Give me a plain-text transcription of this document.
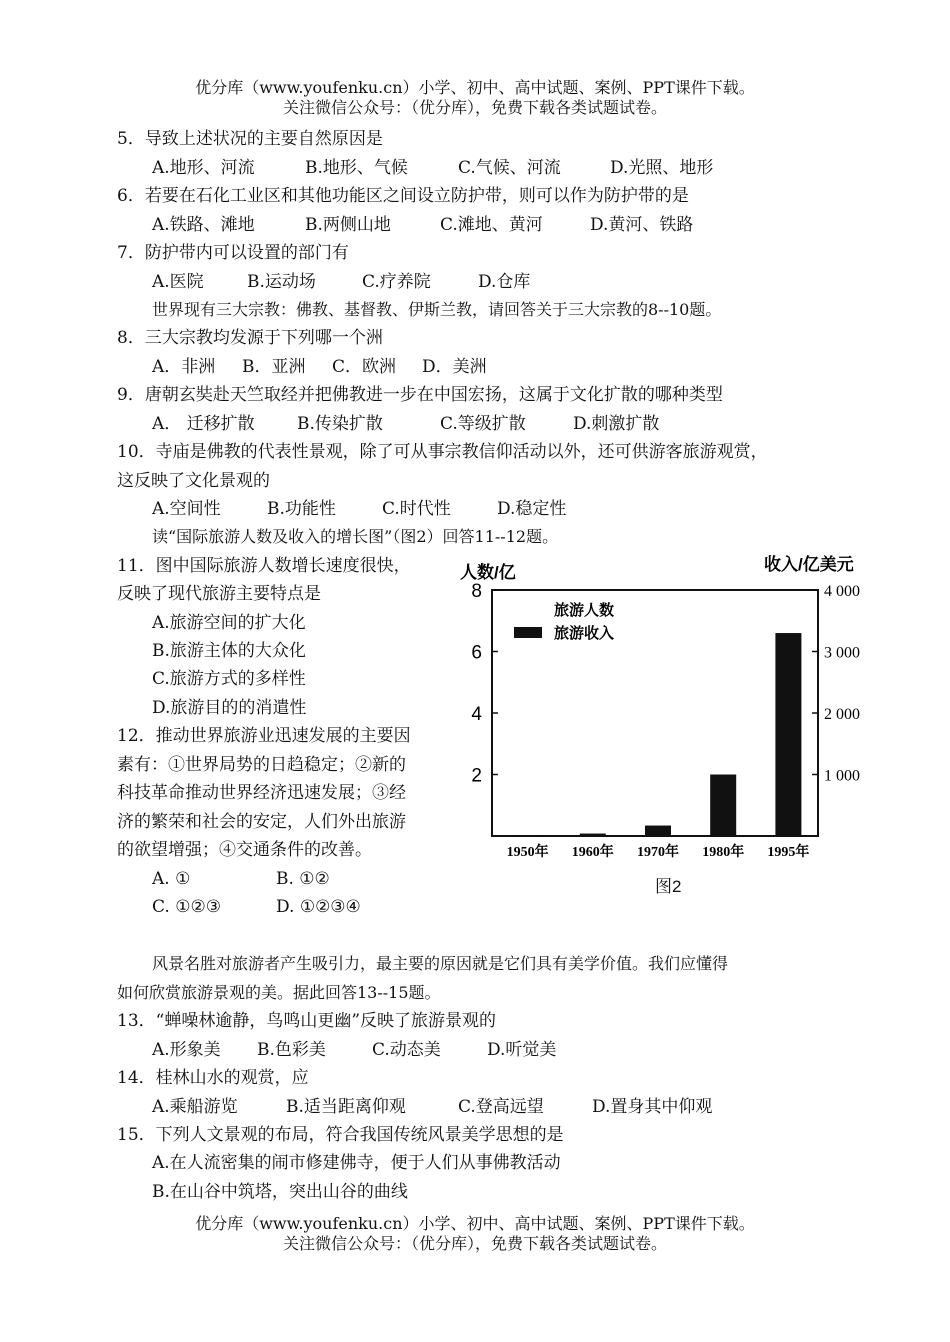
优分库（www.youfenku.cn）小学、初中、高中试题、案例、PPT课件下载。
关注微信公众号：（优分库），免费下载各类试题试卷。
5．导致上述状况的主要自然原因是
A.地形、河流	B.地形、气候	C.气候、河流	D.光照、地形
6．若要在石化工业区和其他功能区之间设立防护带，则可以作为防护带的是
A.铁路、滩地	B.两侧山地	C.滩地、黄河	D.黄河、铁路
7．防护带内可以设置的部门有
A.医院	B.运动场	C.疗养院	D.仓库
世界现有三大宗教：佛教、基督教、伊斯兰教，请回答关于三大宗教的8--10题。
8．三大宗教均发源于下列哪一个洲
A．非洲 B．亚洲 C．欧洲 D．美洲
9．唐朝玄奘赴天竺取经并把佛教进一步在中国宏扬，这属于文化扩散的哪种类型
A． 迁移扩散 B.传染扩散	C.等级扩散	D.刺激扩散
10．寺庙是佛教的代表性景观，除了可从事宗教信仰活动以外，还可供游客旅游观赏，
这反映了文化景观的
A.空间性	B.功能性	C.时代性	D.稳定性
读“国际旅游人数及收入的增长图”（图2）回答11--12题。
11．图中国际旅游人数增长速度很快，
反映了现代旅游主要特点是
A.旅游空间的扩大化
B.旅游主体的大众化
C.旅游方式的多样性
D.旅游目的的消遣性
12．推动世界旅游业迅速发展的主要因
素有：①世界局势的日趋稳定；②新的
科技革命推动世界经济迅速发展；③经
济的繁荣和社会的安定，人们外出旅游
的欲望增强；④交通条件的改善。
A. ①	B. ①②
C. ①②③	D. ①②③④
人数/亿	收入/亿美元
2
4
6
8
1 000
2 000
3 000
4 000
1950年 1960年 1970年 1980年 1995年
旅游人数
旅游收入
图2
风景名胜对旅游者产生吸引力，最主要的原因就是它们具有美学价值。我们应懂得
如何欣赏旅游景观的美。据此回答13--15题。
13．“蝉噪林逾静，鸟鸣山更幽”反映了旅游景观的
A.形象美 B.色彩美	C.动态美	D.听觉美
14．桂林山水的观赏，应
A.乘船游览	B.适当距离仰观	C.登高远望	D.置身其中仰观
15．下列人文景观的布局，符合我国传统风景美学思想的是
A.在人流密集的闹市修建佛寺，便于人们从事佛教活动
B.在山谷中筑塔，突出山谷的曲线
优分库（www.youfenku.cn）小学、初中、高中试题、案例、PPT课件下载。
关注微信公众号：（优分库），免费下载各类试题试卷。
